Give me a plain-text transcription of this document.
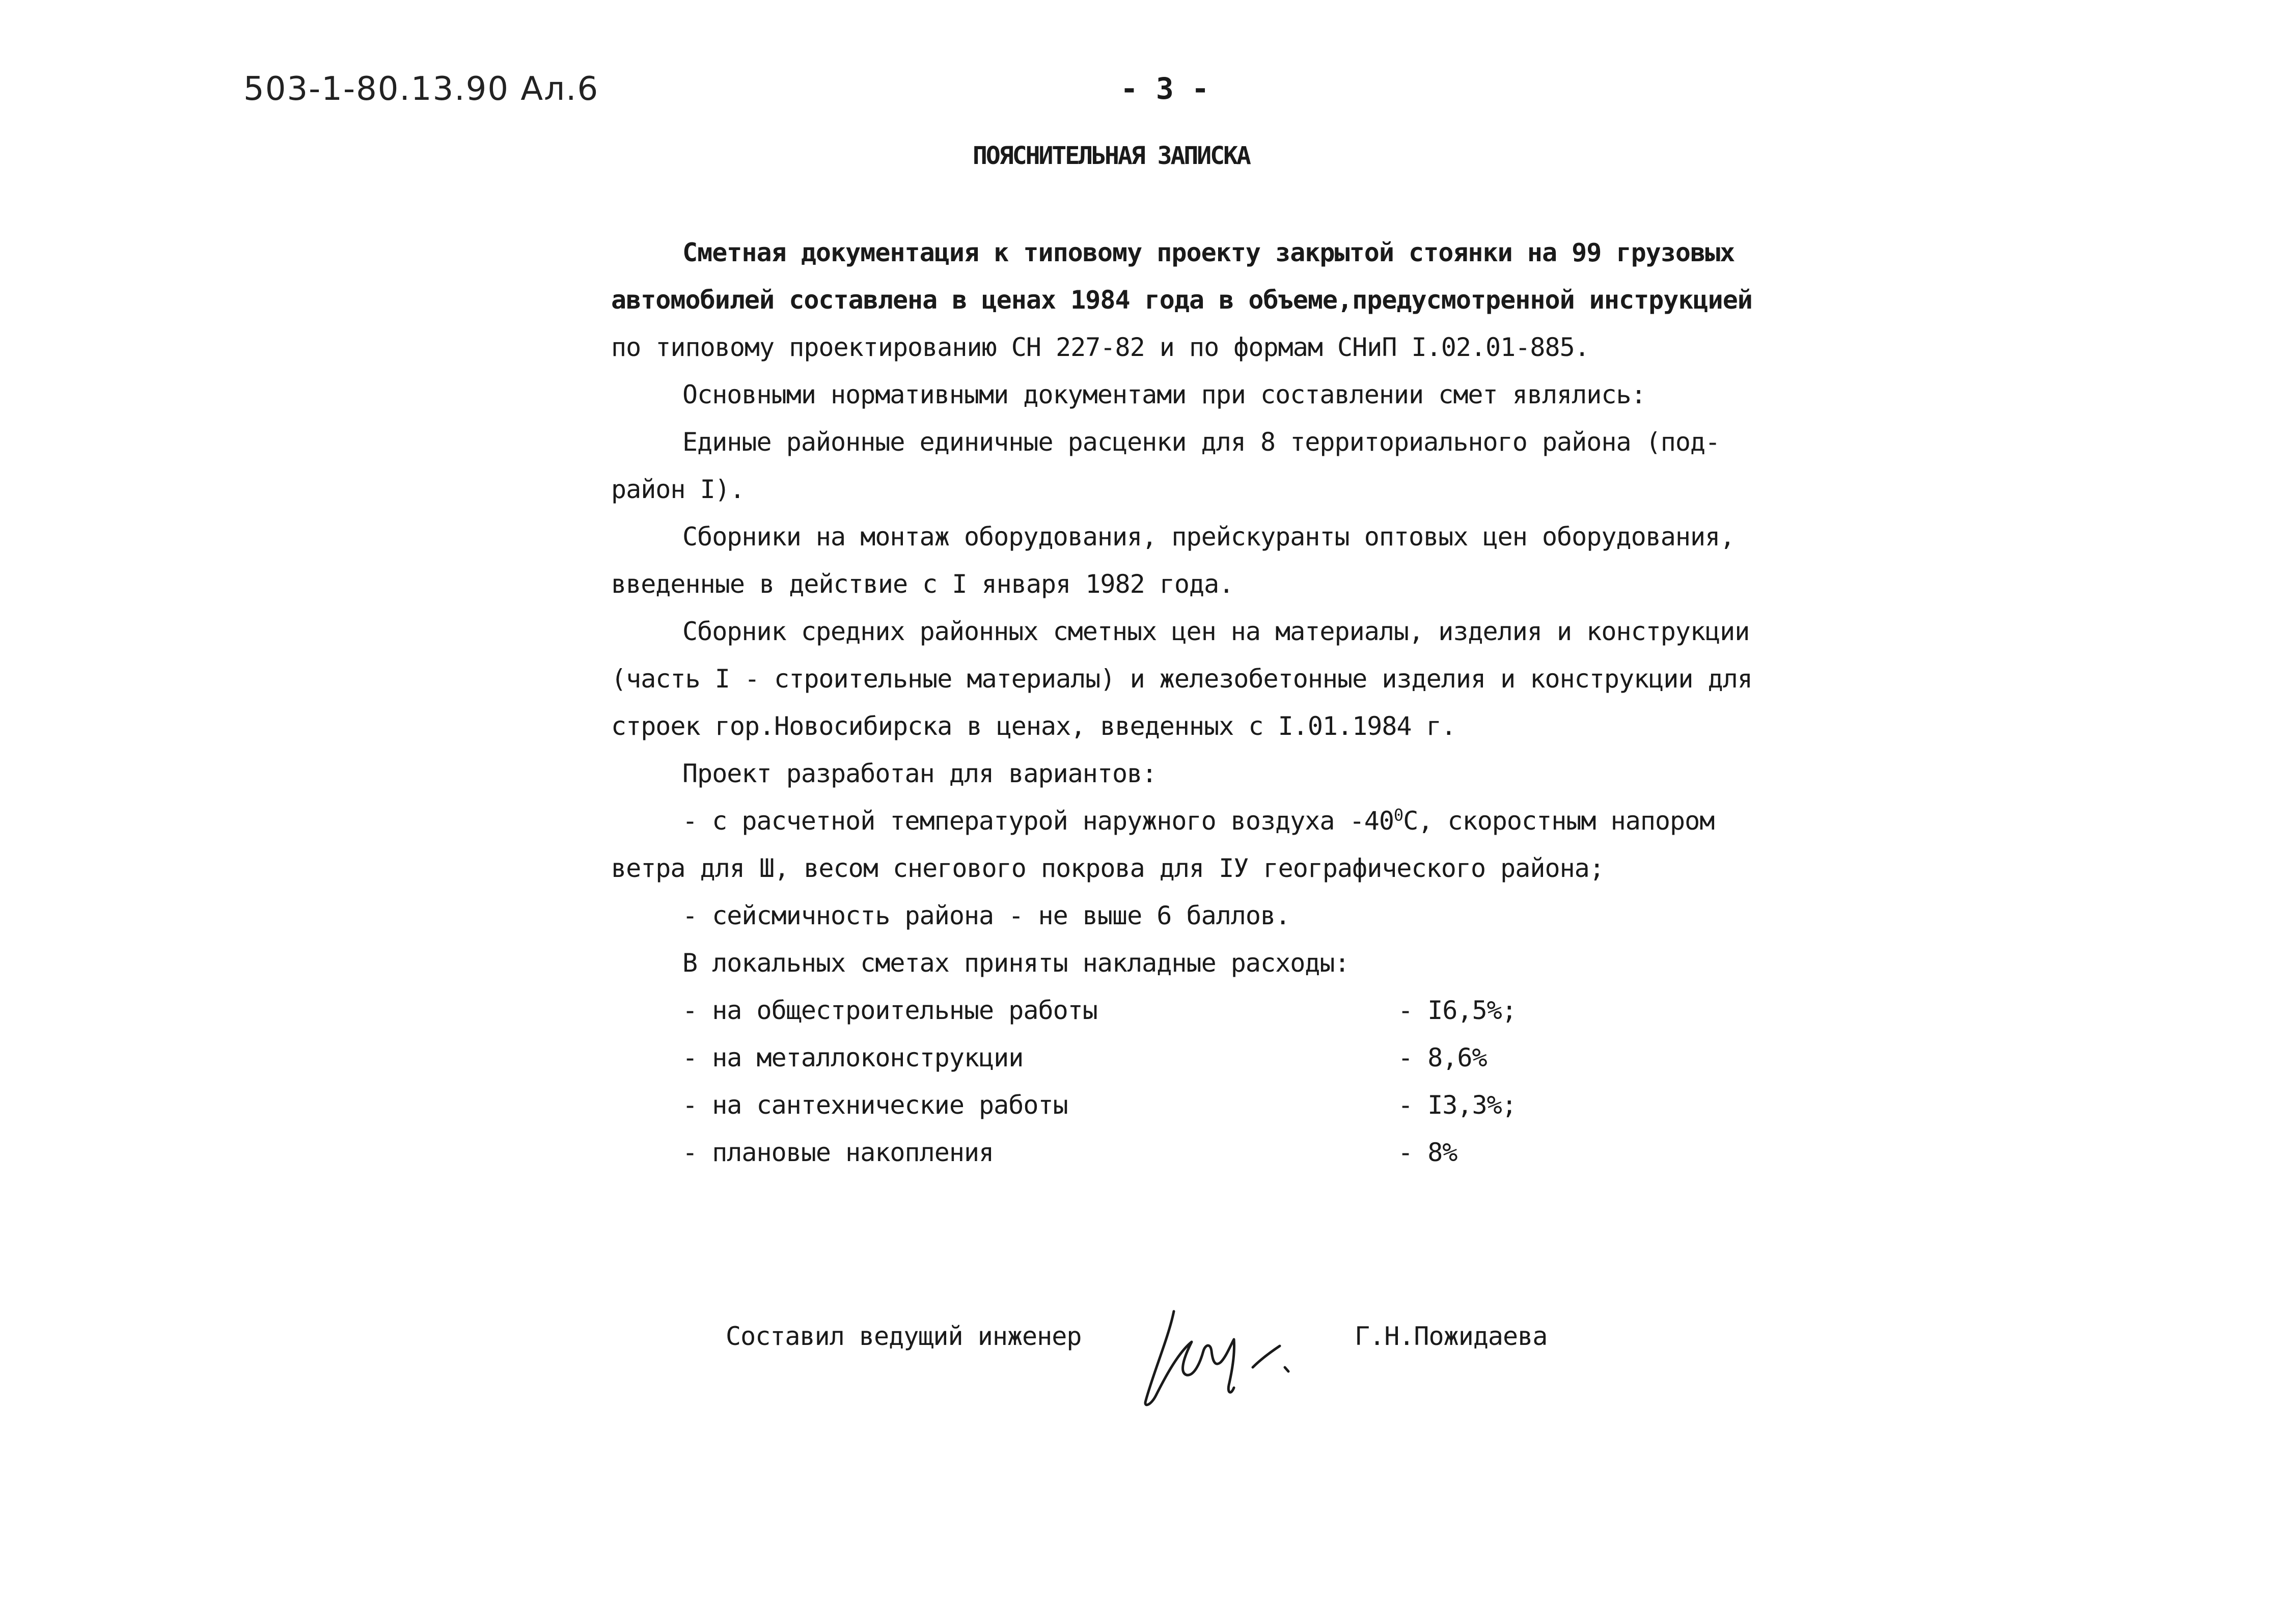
503-1-80.13.90 Ал.6	- 3 -
ПОЯСНИТЕЛЬНАЯ ЗАПИСКА
Сметная документация к типовому проекту закрытой стоянки на 99 грузовых
автомобилей составлена в ценах 1984 года в объеме,предусмотренной инструкцией
по типовому проектированию СН 227-82 и по формам СНиП I.02.01-885.
Основными нормативными документами при составлении смет являлись:
Единые районные единичные расценки для 8 территориального района (под-
район I).
Сборники на монтаж оборудования, прейскуранты оптовых цен оборудования,
введенные в действие с I января 1982 года.
Сборник средних районных сметных цен на материалы, изделия и конструкции
(часть I - строительные материалы) и железобетонные изделия и конструкции для
строек гор.Новосибирска в ценах, введенных с I.01.1984 г.
Проект разработан для вариантов:
- с расчетной температурой наружного воздуха $-40^0С$, скоростным напором
ветра для Ш, весом снегового покрова для IУ географического района;
- сейсмичность района - не выше 6 баллов.
В локальных сметах приняты накладные расходы:
- на общестроительные работы	- I6,5%;
- на металлоконструкции	- 8,6%
- на сантехнические работы	- I3,3%;
- плановые накопления	- 8%
Составил ведущий инженер	Г.Н.Пожидаева
